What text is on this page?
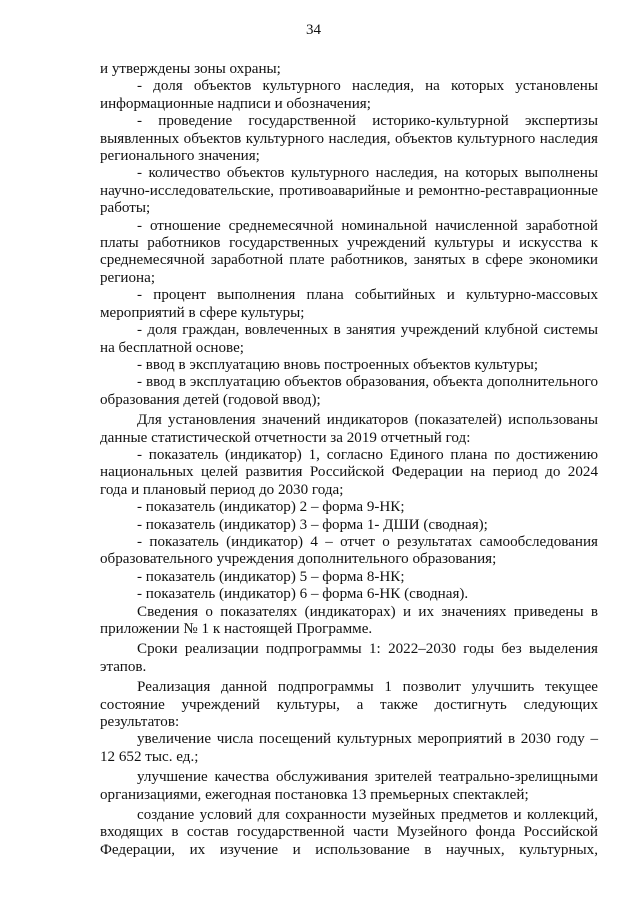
34

и утверждены зоны охраны;

- доля объектов культурного наследия, на которых установлены информационные надписи и обозначения;

- проведение государственной историко-культурной экспертизы выявленных объектов культурного наследия, объектов культурного наследия регионального значения;

- количество объектов культурного наследия, на которых выполнены научно-исследовательские, противоаварийные и ремонтно-реставрационные работы;

- отношение среднемесячной номинальной начисленной заработной платы работников государственных учреждений культуры и искусства к среднемесячной заработной плате работников, занятых в сфере экономики региона;

- процент выполнения плана событийных и культурно-массовых мероприятий в сфере культуры;

- доля граждан, вовлеченных в занятия учреждений клубной системы на бесплатной основе;

- ввод в эксплуатацию вновь построенных объектов культуры;

- ввод в эксплуатацию объектов образования, объекта дополнительного образования детей (годовой ввод);

Для установления значений индикаторов (показателей) использованы данные статистической отчетности за 2019 отчетный год:

- показатель (индикатор) 1, согласно Единого плана по достижению национальных целей развития Российской Федерации на период до 2024 года и плановый период до 2030 года;

- показатель (индикатор) 2 – форма 9-НК;

- показатель (индикатор) 3 – форма 1- ДШИ (сводная);

- показатель (индикатор) 4 – отчет о результатах самообследования образовательного учреждения дополнительного образования;

- показатель (индикатор) 5 – форма 8-НК;

- показатель (индикатор) 6 – форма 6-НК (сводная).

Сведения о показателях (индикаторах) и их значениях приведены в приложении № 1 к настоящей Программе.

Сроки реализации подпрограммы 1: 2022–2030 годы без выделения этапов.

Реализация данной подпрограммы 1 позволит улучшить текущее состояние учреждений культуры, а также достигнуть следующих результатов:

увеличение числа посещений культурных мероприятий в 2030 году – 12 652 тыс. ед.;

улучшение качества обслуживания зрителей театрально-зрелищными организациями, ежегодная постановка 13 премьерных спектаклей;

создание условий для сохранности музейных предметов и коллекций, входящих в состав государственной части Музейного фонда Российской Федерации, их изучение и использование в научных, культурных,
